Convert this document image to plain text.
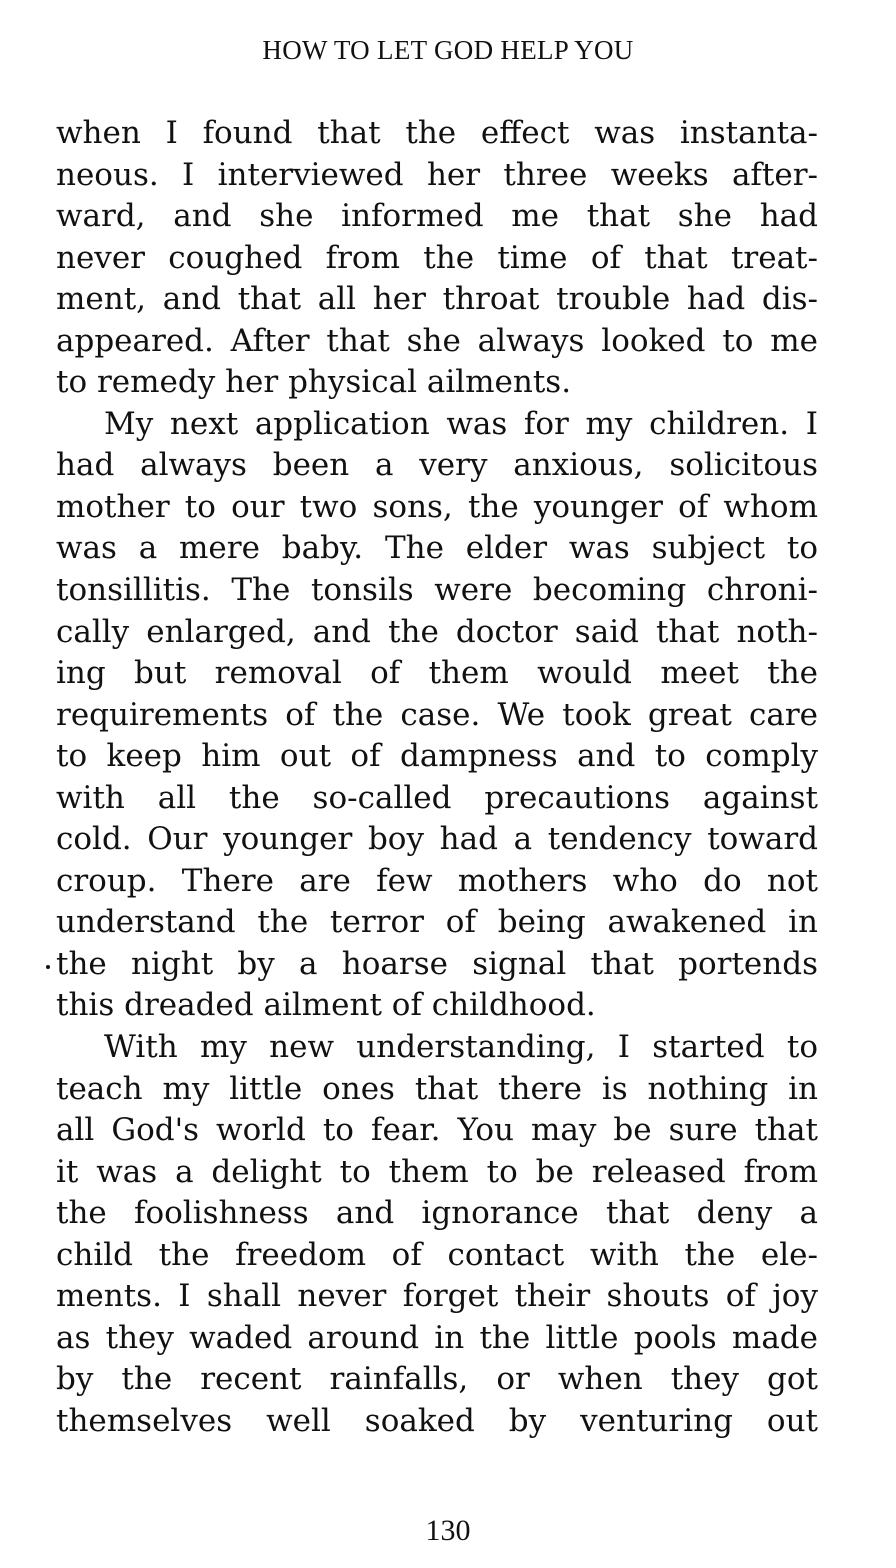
HOW TO LET GOD HELP YOU
when I found that the effect was instanta-
neous. I interviewed her three weeks after-
ward, and she informed me that she had
never coughed from the time of that treat-
ment, and that all her throat trouble had dis-
appeared. After that she always looked to me
to remedy her physical ailments.
My next application was for my children. I
had always been a very anxious, solicitous
mother to our two sons, the younger of whom
was a mere baby. The elder was subject to
tonsillitis. The tonsils were becoming chroni-
cally enlarged, and the doctor said that noth-
ing but removal of them would meet the
requirements of the case. We took great care
to keep him out of dampness and to comply
with all the so-called precautions against
cold. Our younger boy had a tendency toward
croup. There are few mothers who do not
understand the terror of being awakened in
the night by a hoarse signal that portends
this dreaded ailment of childhood.
With my new understanding, I started to
teach my little ones that there is nothing in
all God's world to fear. You may be sure that
it was a delight to them to be released from
the foolishness and ignorance that deny a
child the freedom of contact with the ele-
ments. I shall never forget their shouts of joy
as they waded around in the little pools made
by the recent rainfalls, or when they got
themselves well soaked by venturing out
130
